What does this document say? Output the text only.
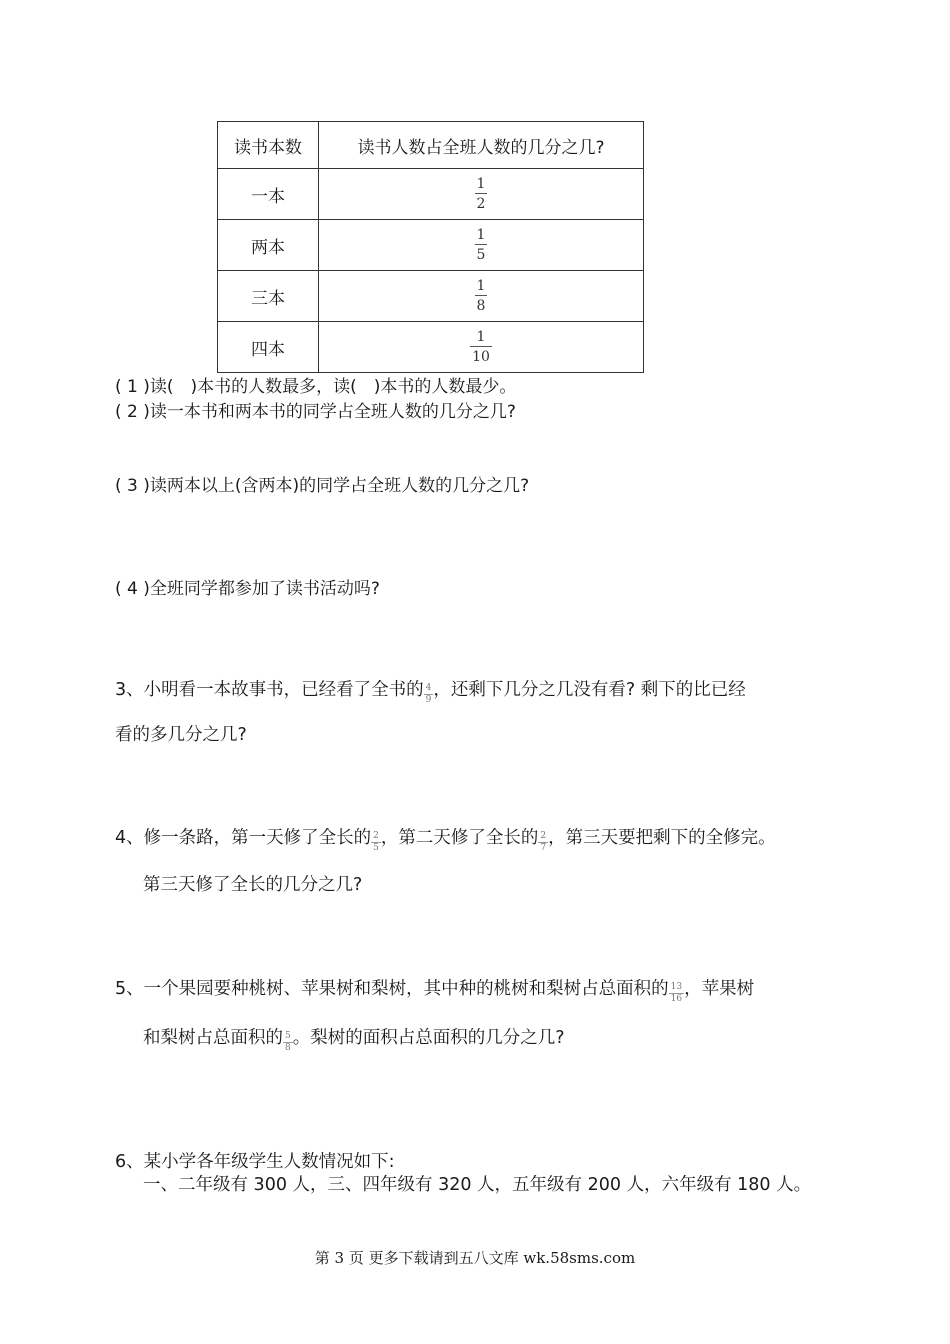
读书本数	读书人数占全班人数的几分之几?
一本	$\frac{1}{2}$

两本	$\frac{1}{5}$

三本	$\frac{1}{8}$

四本	$\frac{1}{10}$
( 1 )读(　)本书的人数最多，读(　)本书的人数最少。
( 2 )读一本书和两本书的同学占全班人数的几分之几?
( 3 )读两本以上(含两本)的同学占全班人数的几分之几?
( 4 )全班同学都参加了读书活动吗?
3、小明看一本故事书，已经看了全书的 $\frac{4}{9}$ ，还剩下几分之几没有看? 剩下的比已经
看的多几分之几?
4、修一条路，第一天修了全长的 $\frac{2}{5}$ ，第二天修了全长的 $\frac{2}{7}$ ，第三天要把剩下的全修完。
第三天修了全长的几分之几?
5、一个果园要种桃树、苹果树和梨树，其中种的桃树和梨树占总面积的 $\frac{13}{16}$ ，苹果树
和梨树占总面积的 $\frac{5}{8}$ 。梨树的面积占总面积的几分之几?
6、某小学各年级学生人数情况如下:
一、二年级有 300 人，三、四年级有 320 人，五年级有 200 人，六年级有 180 人。
第 3 页 更多下载请到五八文库 wk.58sms.com
